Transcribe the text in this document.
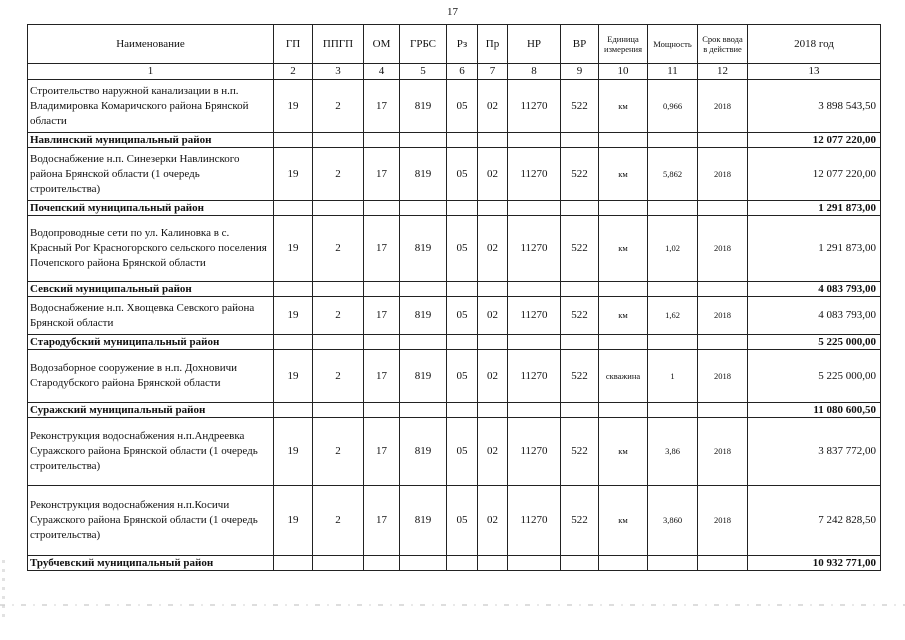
17
Наименование	ГП	ППГП	ОМ	ГРБС	Рз	Пр	НР	ВР	Единица измерения	Мощность	Срок ввода в действие	2018 год
1	2	3	4	5	6	7	8	9	10	11	12	13
Строительство наружной канализации в н.п. Владимировка Комаричского района Брянской области	19	2	17	819	05	02	11270	522	км	0,966	2018	3 898 543,50
Навлинский муниципальный район												12 077 220,00
Водоснабжение н.п. Синезерки Навлинского района Брянской области (1 очередь строительства)	19	2	17	819	05	02	11270	522	км	5,862	2018	12 077 220,00
Почепский муниципальный район												1 291 873,00
Водопроводные сети по ул. Калиновка в с. Красный Рог Красногорского сельского поселения Почепского района Брянской области	19	2	17	819	05	02	11270	522	км	1,02	2018	1 291 873,00
Севский муниципальный район												4 083 793,00
Водоснабжение н.п. Хвощевка Севского района Брянской области	19	2	17	819	05	02	11270	522	км	1,62	2018	4 083 793,00
Стародубский муниципальный район												5 225 000,00
Водозаборное сооружение в н.п. Дохновичи Стародубского района Брянской области	19	2	17	819	05	02	11270	522	скважина	1	2018	5 225 000,00
Суражский муниципальный район												11 080 600,50
Реконструкция водоснабжения н.п.Андреевка Суражского района Брянской области (1 очередь строительства)	19	2	17	819	05	02	11270	522	км	3,86	2018	3 837 772,00
Реконструкция водоснабжения н.п.Косичи Суражского района Брянской области (1 очередь строительства)	19	2	17	819	05	02	11270	522	км	3,860	2018	7 242 828,50
Трубчевский муниципальный район												10 932 771,00
